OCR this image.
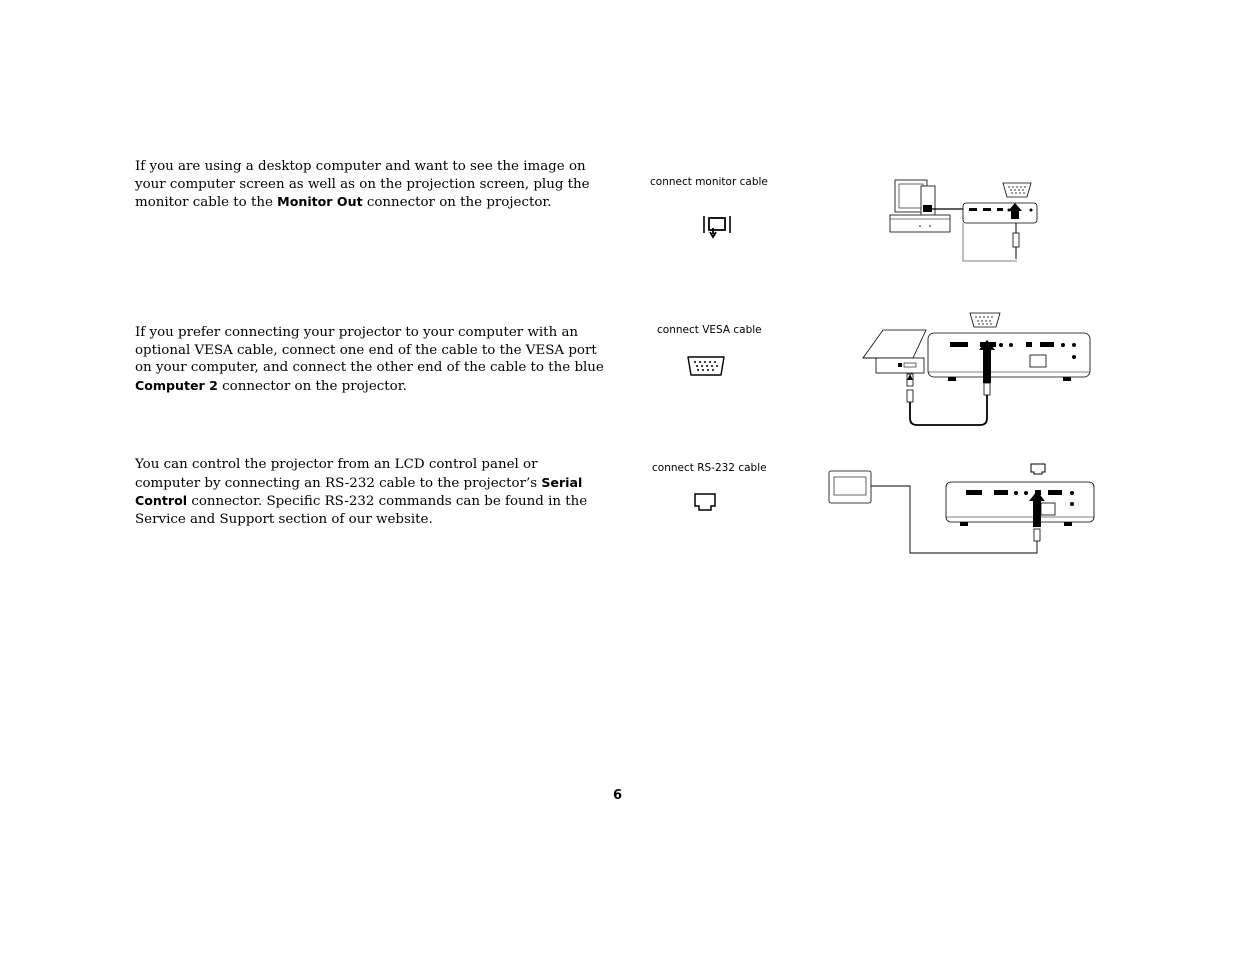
If you are using a desktop computer and want to see the image on your computer screen as well as on the projection screen, plug the monitor cable to the Monitor Out connector on the projector.

connect monitor cable

If you prefer connecting your projector to your computer with an optional VESA cable, connect one end of the cable to the VESA port on your computer, and connect the other end of the cable to the blue Computer 2 connector on the projector.

connect VESA cable

You can control the projector from an LCD control panel or computer by connecting an RS-232 cable to the projector’s Serial Control connector. Specific RS-232 commands can be found in the Service and Support section of our website.

connect RS-232 cable
6
